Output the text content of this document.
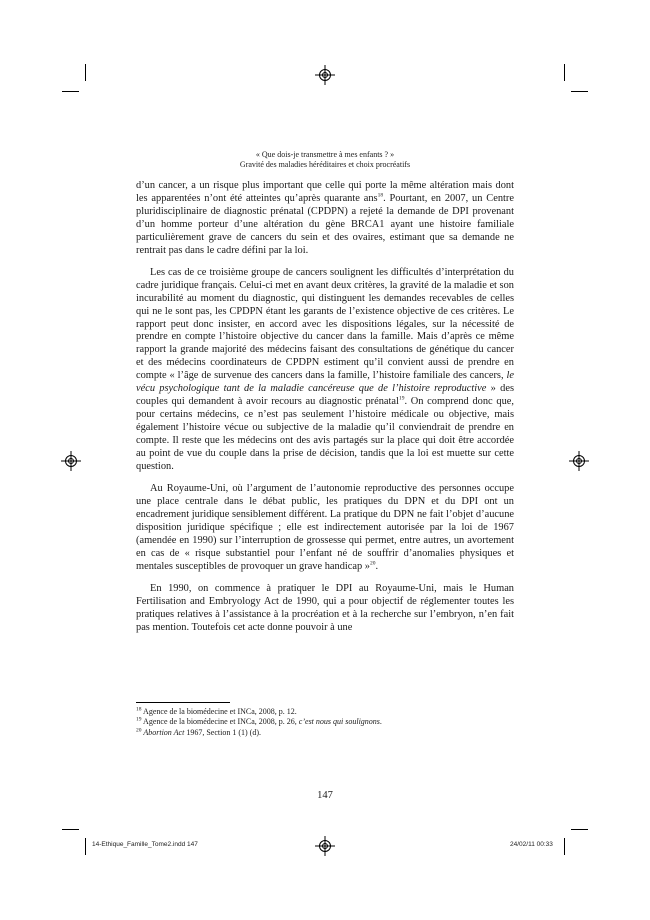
« Que dois-je transmettre à mes enfants ? »
Gravité des maladies héréditaires et choix procréatifs

d’un cancer, a un risque plus important que celle qui porte la même altération mais dont les apparentées n’ont été atteintes qu’après quarante ans$^{18}$. Pourtant, en 2007, un Centre pluridisciplinaire de diagnostic prénatal (CPDPN) a rejeté la demande de DPI provenant d’un homme porteur d’une altération du gène BRCA1 ayant une histoire familiale particulièrement grave de cancers du sein et des ovaires, estimant que sa demande ne rentrait pas dans le cadre défini par la loi.

Les cas de ce troisième groupe de cancers soulignent les difficultés d’interprétation du cadre juridique français. Celui-ci met en avant deux critères, la gravité de la maladie et son incurabilité au moment du diagnostic, qui distinguent les demandes recevables de celles qui ne le sont pas, les CPDPN étant les garants de l’existence objective de ces critères. Le rapport peut donc insister, en accord avec les dispositions légales, sur la nécessité de prendre en compte l’histoire objective du cancer dans la famille. Mais d’après ce même rapport la grande majorité des médecins faisant des consultations de génétique du cancer et des médecins coordinateurs de CPDPN estiment qu’il convient aussi de prendre en compte « l’âge de survenue des cancers dans la famille, l’histoire familiale des cancers, le vécu psychologique tant de la maladie cancéreuse que de l’histoire reproductive » des couples qui demandent à avoir recours au diagnostic prénatal$^{19}$. On comprend donc que, pour certains médecins, ce n’est pas seulement l’histoire médicale ou objective, mais également l’histoire vécue ou subjective de la maladie qu’il conviendrait de prendre en compte. Il reste que les médecins ont des avis partagés sur la place qui doit être accordée au point de vue du couple dans la prise de décision, tandis que la loi est muette sur cette question.

Au Royaume-Uni, où l’argument de l’autonomie reproductive des personnes occupe une place centrale dans le débat public, les pratiques du DPN et du DPI ont un encadrement juridique sensiblement différent. La pratique du DPN ne fait l’objet d’aucune disposition juridique spécifique ; elle est indirectement autorisée par la loi de 1967 (amendée en 1990) sur l’interruption de grossesse qui permet, entre autres, un avortement en cas de « risque substantiel pour l’enfant né de souffrir d’anomalies physiques et mentales susceptibles de provoquer un grave handicap »$^{20}$.

En 1990, on commence à pratiquer le DPI au Royaume-Uni, mais le Human Fertilisation and Embryology Act de 1990, qui a pour objectif de réglementer toutes les pratiques relatives à l’assistance à la procréation et à la recherche sur l’embryon, n’en fait pas mention. Toutefois cet acte donne pouvoir à une

$^{18}$ Agence de la biomédecine et INCa, 2008, p. 12.
$^{19}$ Agence de la biomédecine et INCa, 2008, p. 26, c’est nous qui soulignons.
$^{20}$ Abortion Act 1967, Section 1 (1) (d).
147
14-Ethique_Famille_Tome2.indd 147	24/02/11 00:33
